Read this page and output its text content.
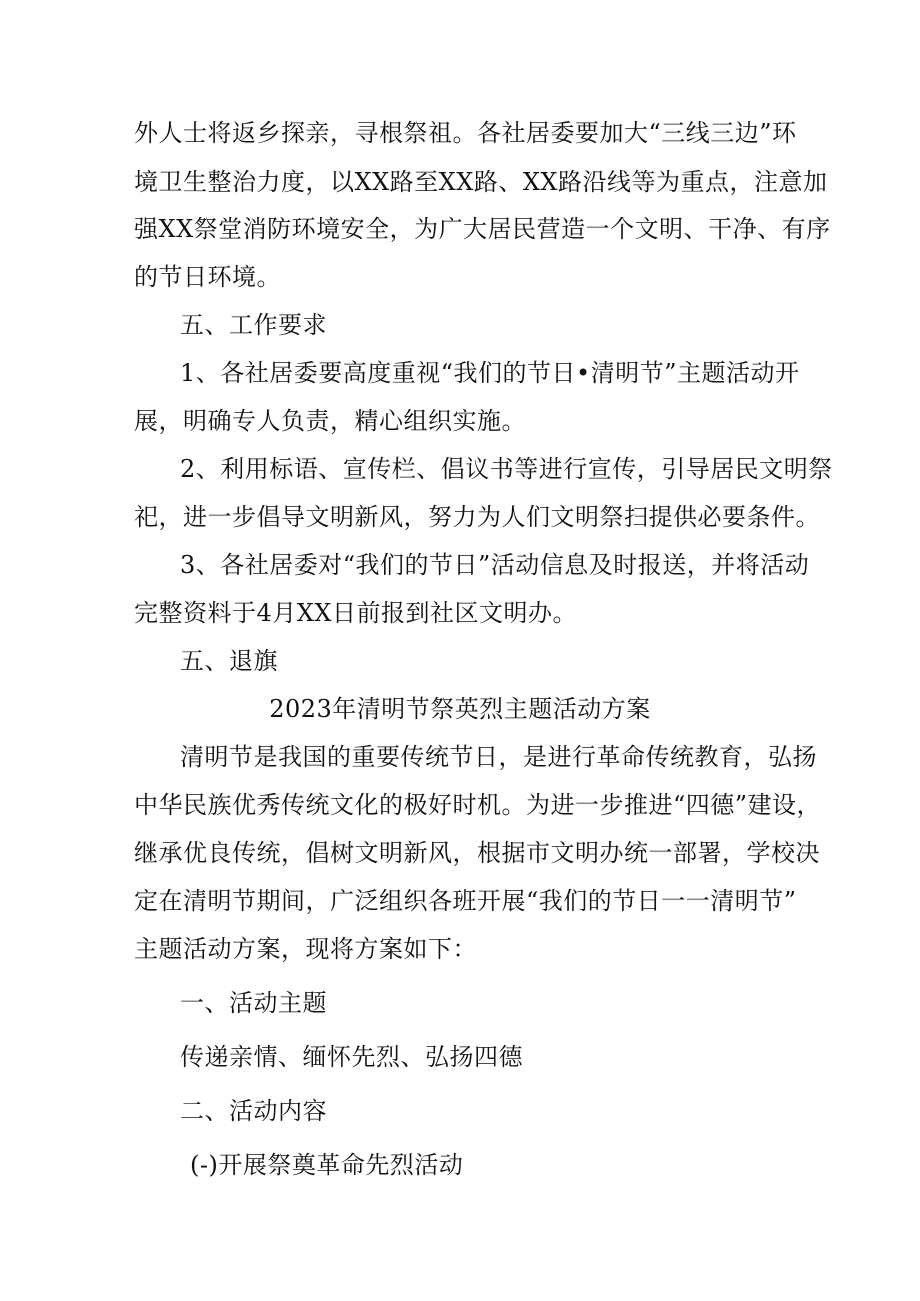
外人士将返乡探亲，寻根祭祖。各社居委要加大“三线三边”环
境卫生整治力度，以XX路至XX路、XX路沿线等为重点，注意加
强XX祭堂消防环境安全，为广大居民营造一个文明、干净、有序
的节日环境。
五、工作要求
1、各社居委要高度重视“我们的节日•清明节”主题活动开
展，明确专人负责，精心组织实施。
2、利用标语、宣传栏、倡议书等进行宣传，引导居民文明祭
祀，进一步倡导文明新风，努力为人们文明祭扫提供必要条件。
3、各社居委对“我们的节日”活动信息及时报送，并将活动
完整资料于4月XX日前报到社区文明办。
五、退旗
2023年清明节祭英烈主题活动方案
清明节是我国的重要传统节日，是进行革命传统教育，弘扬
中华民族优秀传统文化的极好时机。为进一步推进“四德”建设，
继承优良传统，倡树文明新风，根据市文明办统一部署，学校决
定在清明节期间，广泛组织各班开展“我们的节日一一清明节”
主题活动方案，现将方案如下：
一、活动主题
传递亲情、缅怀先烈、弘扬四德
二、活动内容
(-)开展祭奠革命先烈活动
